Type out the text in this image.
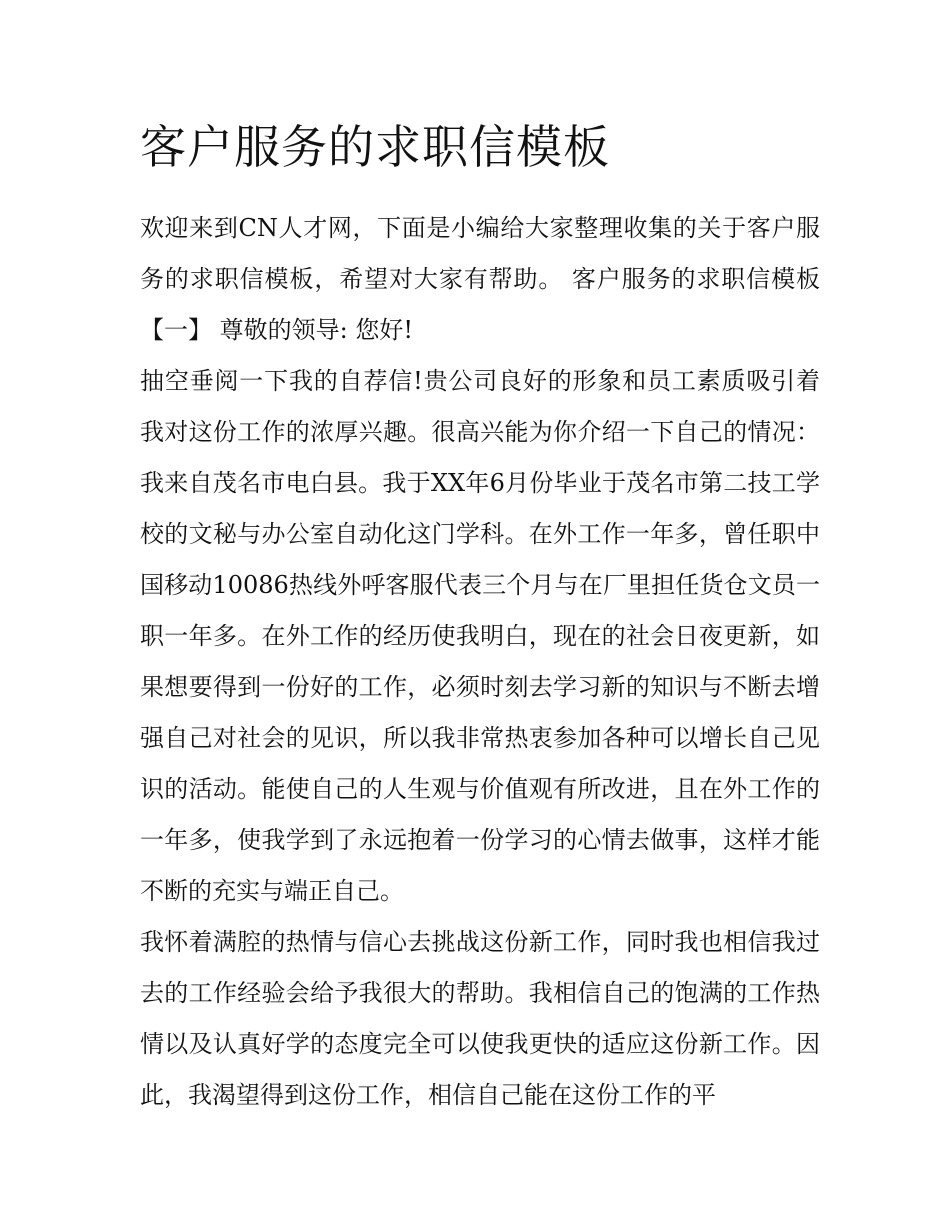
客户服务的求职信模板

欢迎来到CN人才网，下面是小编给大家整理收集的关于客户服务的求职信模板，希望对大家有帮助。 客户服务的求职信模板【一】 尊敬的领导: 您好!

抽空垂阅一下我的自荐信!贵公司良好的形象和员工素质吸引着我对这份工作的浓厚兴趣。很高兴能为你介绍一下自己的情况：我来自茂名市电白县。我于XX年6月份毕业于茂名市第二技工学校的文秘与办公室自动化这门学科。在外工作一年多，曾任职中国移动10086热线外呼客服代表三个月与在厂里担任货仓文员一职一年多。在外工作的经历使我明白，现在的社会日夜更新，如果想要得到一份好的工作，必须时刻去学习新的知识与不断去增强自己对社会的见识，所以我非常热衷参加各种可以增长自己见识的活动。能使自己的人生观与价值观有所改进，且在外工作的一年多，使我学到了永远抱着一份学习的心情去做事，这样才能不断的充实与端正自己。

我怀着满腔的热情与信心去挑战这份新工作，同时我也相信我过去的工作经验会给予我很大的帮助。我相信自己的饱满的工作热情以及认真好学的态度完全可以使我更快的适应这份新工作。因此，我渴望得到这份工作，相信自己能在这份工作的平
